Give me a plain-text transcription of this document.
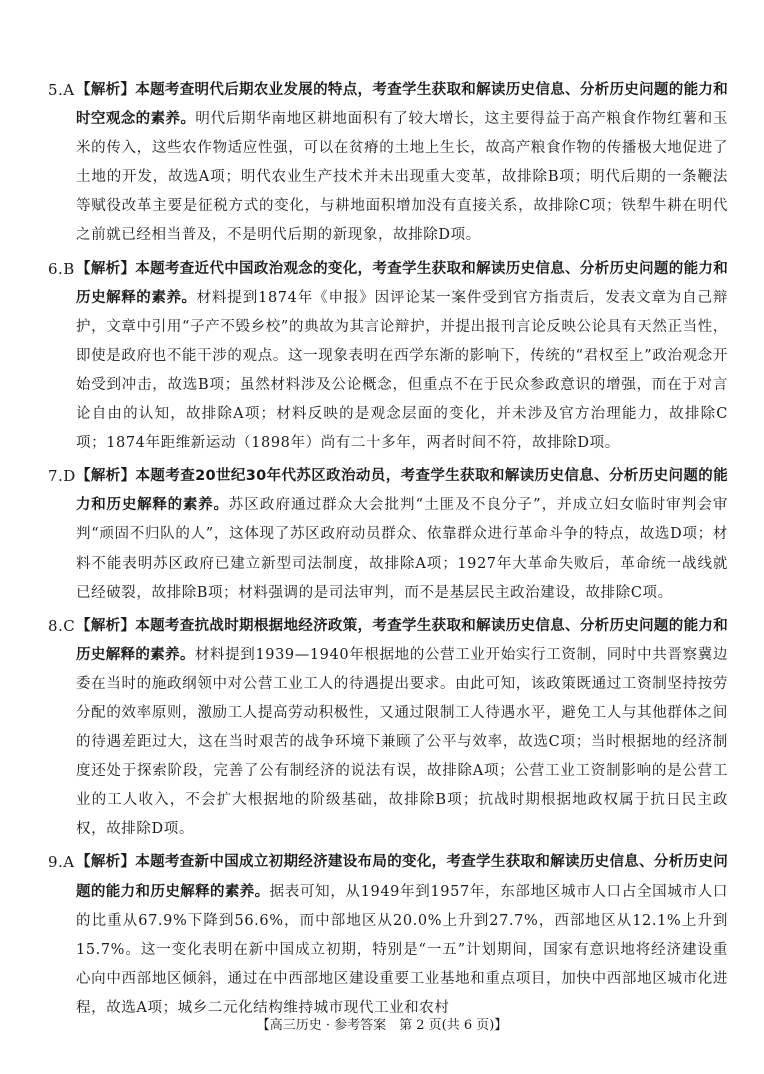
5.A 【解析】本题考查明代后期农业发展的特点，考查学生获取和解读历史信息、分析历史问题的能力和时空观念的素养。明代后期华南地区耕地面积有了较大增长，这主要得益于高产粮食作物红薯和玉米的传入，这些农作物适应性强，可以在贫瘠的土地上生长，故高产粮食作物的传播极大地促进了土地的开发，故选A项；明代农业生产技术并未出现重大变革，故排除B项；明代后期的一条鞭法等赋役改革主要是征税方式的变化，与耕地面积增加没有直接关系，故排除C项；铁犁牛耕在明代之前就已经相当普及，不是明代后期的新现象，故排除D项。
6.B 【解析】本题考查近代中国政治观念的变化，考查学生获取和解读历史信息、分析历史问题的能力和历史解释的素养。材料提到1874年《申报》因评论某一案件受到官方指责后，发表文章为自己辩护，文章中引用“子产不毁乡校”的典故为其言论辩护，并提出报刊言论反映公论具有天然正当性，即使是政府也不能干涉的观点。这一现象表明在西学东渐的影响下，传统的“君权至上”政治观念开始受到冲击，故选B项；虽然材料涉及公论概念，但重点不在于民众参政意识的增强，而在于对言论自由的认知，故排除A项；材料反映的是观念层面的变化，并未涉及官方治理能力，故排除C项；1874年距维新运动（1898年）尚有二十多年，两者时间不符，故排除D项。
7.D 【解析】本题考查20世纪30年代苏区政治动员，考查学生获取和解读历史信息、分析历史问题的能力和历史解释的素养。苏区政府通过群众大会批判“土匪及不良分子”，并成立妇女临时审判会审判“顽固不归队的人”，这体现了苏区政府动员群众、依靠群众进行革命斗争的特点，故选D项；材料不能表明苏区政府已建立新型司法制度，故排除A项；1927年大革命失败后，革命统一战线就已经破裂，故排除B项；材料强调的是司法审判，而不是基层民主政治建设，故排除C项。
8.C 【解析】本题考查抗战时期根据地经济政策，考查学生获取和解读历史信息、分析历史问题的能力和历史解释的素养。材料提到1939—1940年根据地的公营工业开始实行工资制，同时中共晋察冀边委在当时的施政纲领中对公营工业工人的待遇提出要求。由此可知，该政策既通过工资制坚持按劳分配的效率原则，激励工人提高劳动积极性，又通过限制工人待遇水平，避免工人与其他群体之间的待遇差距过大，这在当时艰苦的战争环境下兼顾了公平与效率，故选C项；当时根据地的经济制度还处于探索阶段，完善了公有制经济的说法有误，故排除A项；公营工业工资制影响的是公营工业的工人收入，不会扩大根据地的阶级基础，故排除B项；抗战时期根据地政权属于抗日民主政权，故排除D项。
9.A 【解析】本题考查新中国成立初期经济建设布局的变化，考查学生获取和解读历史信息、分析历史问题的能力和历史解释的素养。据表可知，从1949年到1957年，东部地区城市人口占全国城市人口的比重从67.9%下降到56.6%，而中部地区从20.0%上升到27.7%，西部地区从12.1%上升到15.7%。这一变化表明在新中国成立初期，特别是“一五”计划期间，国家有意识地将经济建设重心向中西部地区倾斜，通过在中西部地区建设重要工业基地和重点项目，加快中西部地区城市化进程，故选A项；城乡二元化结构维持城市现代工业和农村
【高三历史 · 参考答案　第 2 页(共 6 页)】
